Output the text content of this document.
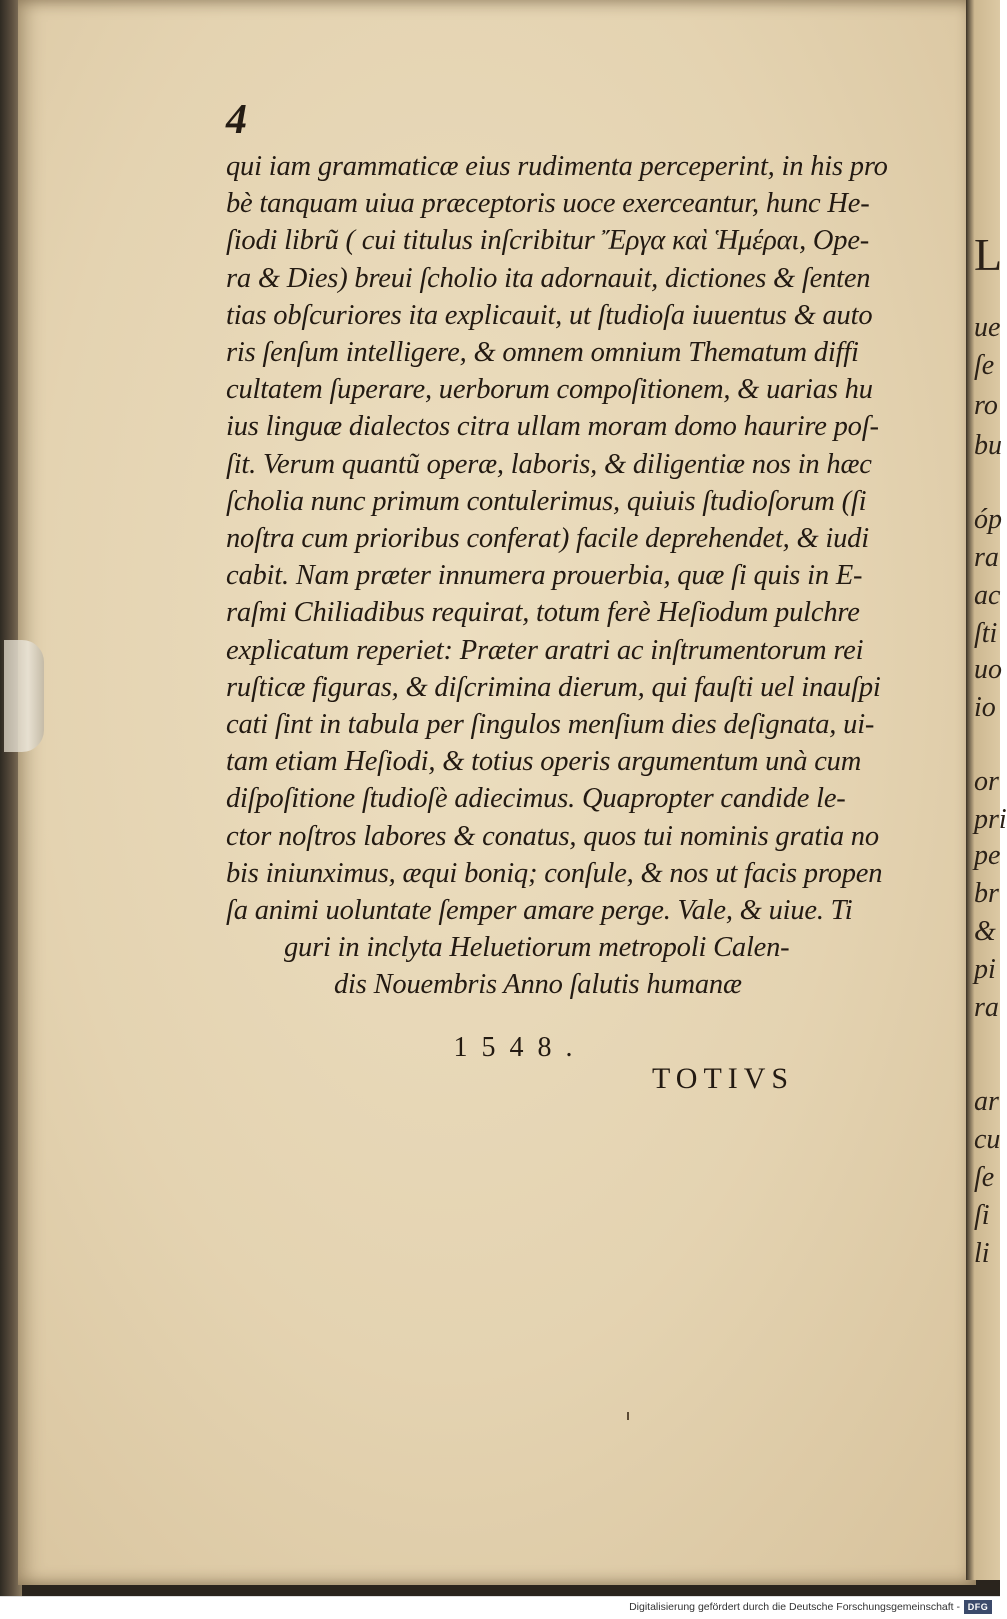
L
ue
ſe
ro
bu
óp
ra
ac
ſti
uo
io
or
pri
pe
br
&
pi
ra
ar
cu
ſe
ſi
li

4

qui iam grammaticæ eius rudimenta perceperint, in his pro
bè tanquam uiua præceptoris uoce exerceantur, hunc He-
ſiodi librũ ( cui titulus inſcribitur Ἔργα καὶ Ἡμέραι, Ope-
ra & Dies) breui ſcholio ita adornauit, dictiones & ſenten
tias obſcuriores ita explicauit, ut ſtudioſa iuuentus & auto
ris ſenſum intelligere, & omnem omnium Thematum diffi
cultatem ſuperare, uerborum compoſitionem, & uarias hu
ius linguæ dialectos citra ullam moram domo haurire poſ-
ſit. Verum quantũ operæ, laboris, & diligentiæ nos in hæc
ſcholia nunc primum contulerimus, quiuis ſtudioſorum (ſi
noſtra cum prioribus conferat) facile deprehendet, & iudi
cabit. Nam præter innumera prouerbia, quæ ſi quis in E-
raſmi Chiliadibus requirat, totum ferè Heſiodum pulchre
explicatum reperiet: Præter aratri ac inſtrumentorum rei
ruſticæ figuras, & diſcrimina dierum, qui fauſti uel inauſpi
cati ſint in tabula per ſingulos menſium dies deſignata, ui-
tam etiam Heſiodi, & totius operis argumentum unà cum
diſpoſitione ſtudioſè adiecimus. Quapropter candide le-
ctor noſtros labores & conatus, quos tui nominis gratia no
bis iniunximus, æqui boniq; conſule, & nos ut facis propen
ſa animi uoluntate ſemper amare perge. Vale, & uiue. Ti
guri in inclyta Heluetiorum metropoli Calen-
dis Nouembris Anno ſalutis humanæ

1548.

TOTIVS

Digitalisierung gefördert durch die Deutsche Forschungsgemeinschaft - DFG
